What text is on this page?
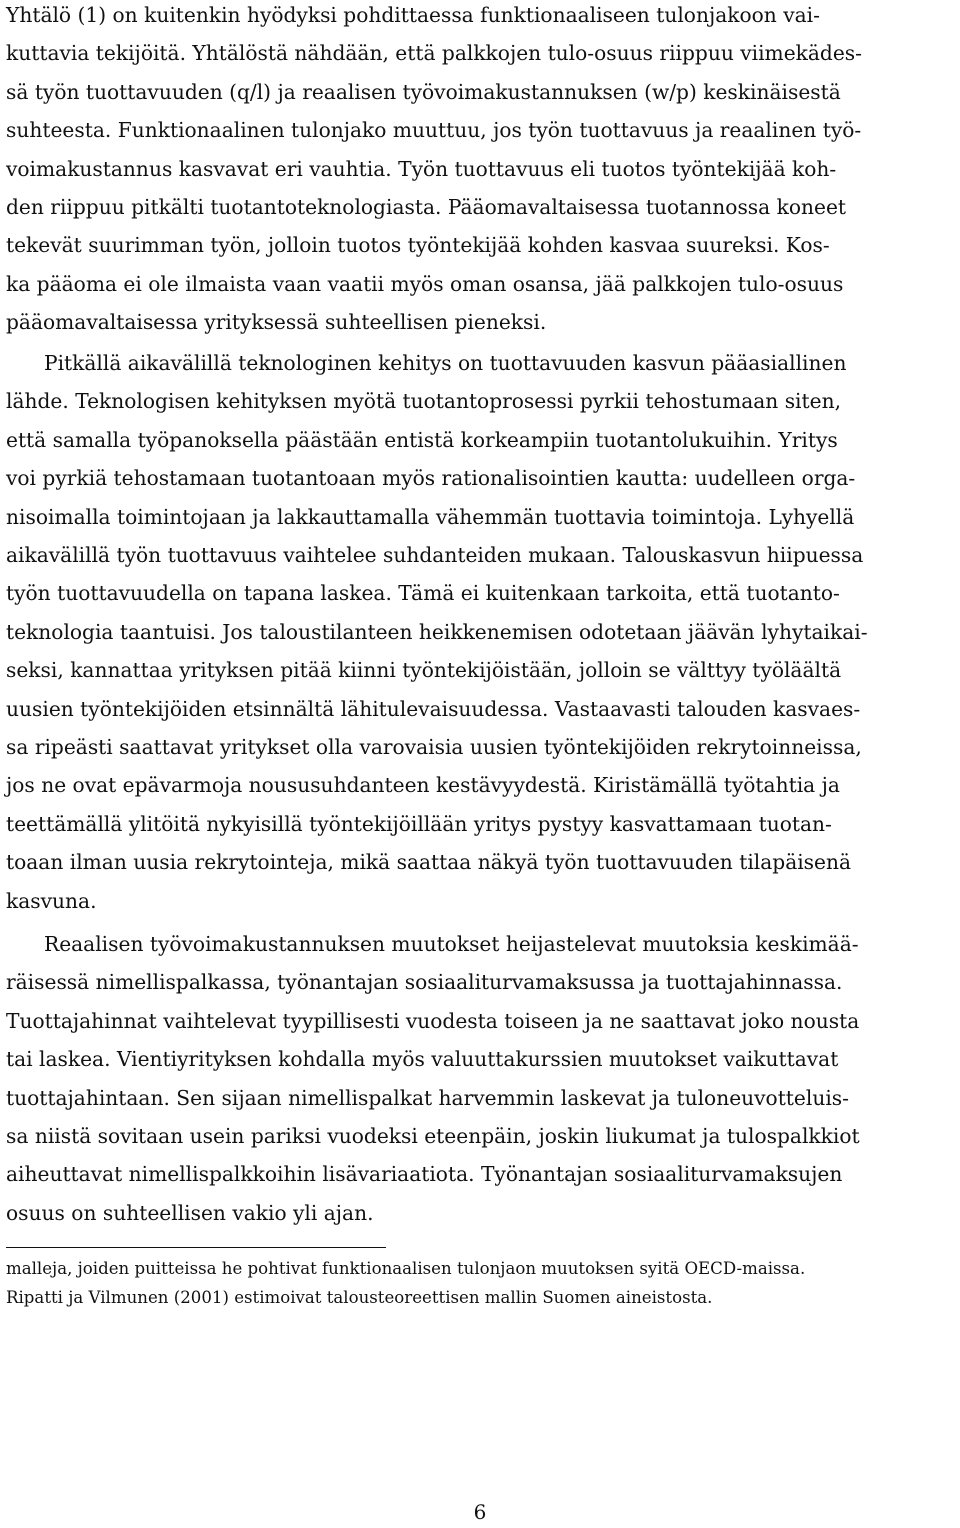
Yhtälö (1) on kuitenkin hyödyksi pohdittaessa funktionaaliseen tulonjakoon vai-
kuttavia tekijöitä. Yhtälöstä nähdään, että palkkojen tulo-osuus riippuu viimekädes-
sä työn tuottavuuden (q/l) ja reaalisen työvoimakustannuksen (w/p) keskinäisestä
suhteesta. Funktionaalinen tulonjako muuttuu, jos työn tuottavuus ja reaalinen työ-
voimakustannus kasvavat eri vauhtia. Työn tuottavuus eli tuotos työntekijää koh-
den riippuu pitkälti tuotantoteknologiasta. Pääomavaltaisessa tuotannossa koneet
tekevät suurimman työn, jolloin tuotos työntekijää kohden kasvaa suureksi. Kos-
ka pääoma ei ole ilmaista vaan vaatii myös oman osansa, jää palkkojen tulo-osuus
pääomavaltaisessa yrityksessä suhteellisen pieneksi.

Pitkällä aikavälillä teknologinen kehitys on tuottavuuden kasvun pääasiallinen
lähde. Teknologisen kehityksen myötä tuotantoprosessi pyrkii tehostumaan siten,
että samalla työpanoksella päästään entistä korkeampiin tuotantolukuihin. Yritys
voi pyrkiä tehostamaan tuotantoaan myös rationalisointien kautta: uudelleen orga-
nisoimalla toimintojaan ja lakkauttamalla vähemmän tuottavia toimintoja. Lyhyellä
aikavälillä työn tuottavuus vaihtelee suhdanteiden mukaan. Talouskasvun hiipuessa
työn tuottavuudella on tapana laskea. Tämä ei kuitenkaan tarkoita, että tuotanto-
teknologia taantuisi. Jos taloustilanteen heikkenemisen odotetaan jäävän lyhytaikai-
seksi, kannattaa yrityksen pitää kiinni työntekijöistään, jolloin se välttyy työläältä
uusien työntekijöiden etsinnältä lähitulevaisuudessa. Vastaavasti talouden kasvaes-
sa ripeästi saattavat yritykset olla varovaisia uusien työntekijöiden rekrytoinneissa,
jos ne ovat epävarmoja noususuhdanteen kestävyydestä. Kiristämällä työtahtia ja
teettämällä ylitöitä nykyisillä työntekijöillään yritys pystyy kasvattamaan tuotan-
toaan ilman uusia rekrytointeja, mikä saattaa näkyä työn tuottavuuden tilapäisenä
kasvuna.

Reaalisen työvoimakustannuksen muutokset heijastelevat muutoksia keskimää-
räisessä nimellispalkassa, työnantajan sosiaaliturvamaksussa ja tuottajahinnassa.
Tuottajahinnat vaihtelevat tyypillisesti vuodesta toiseen ja ne saattavat joko nousta
tai laskea. Vientiyrityksen kohdalla myös valuuttakurssien muutokset vaikuttavat
tuottajahintaan. Sen sijaan nimellispalkat harvemmin laskevat ja tuloneuvotteluis-
sa niistä sovitaan usein pariksi vuodeksi eteenpäin, joskin liukumat ja tulospalkkiot
aiheuttavat nimellispalkkoihin lisävariaatiota. Työnantajan sosiaaliturvamaksujen
osuus on suhteellisen vakio yli ajan.

malleja, joiden puitteissa he pohtivat funktionaalisen tulonjaon muutoksen syitä OECD-maissa.
Ripatti ja Vilmunen (2001) estimoivat talousteoreettisen mallin Suomen aineistosta.

6
